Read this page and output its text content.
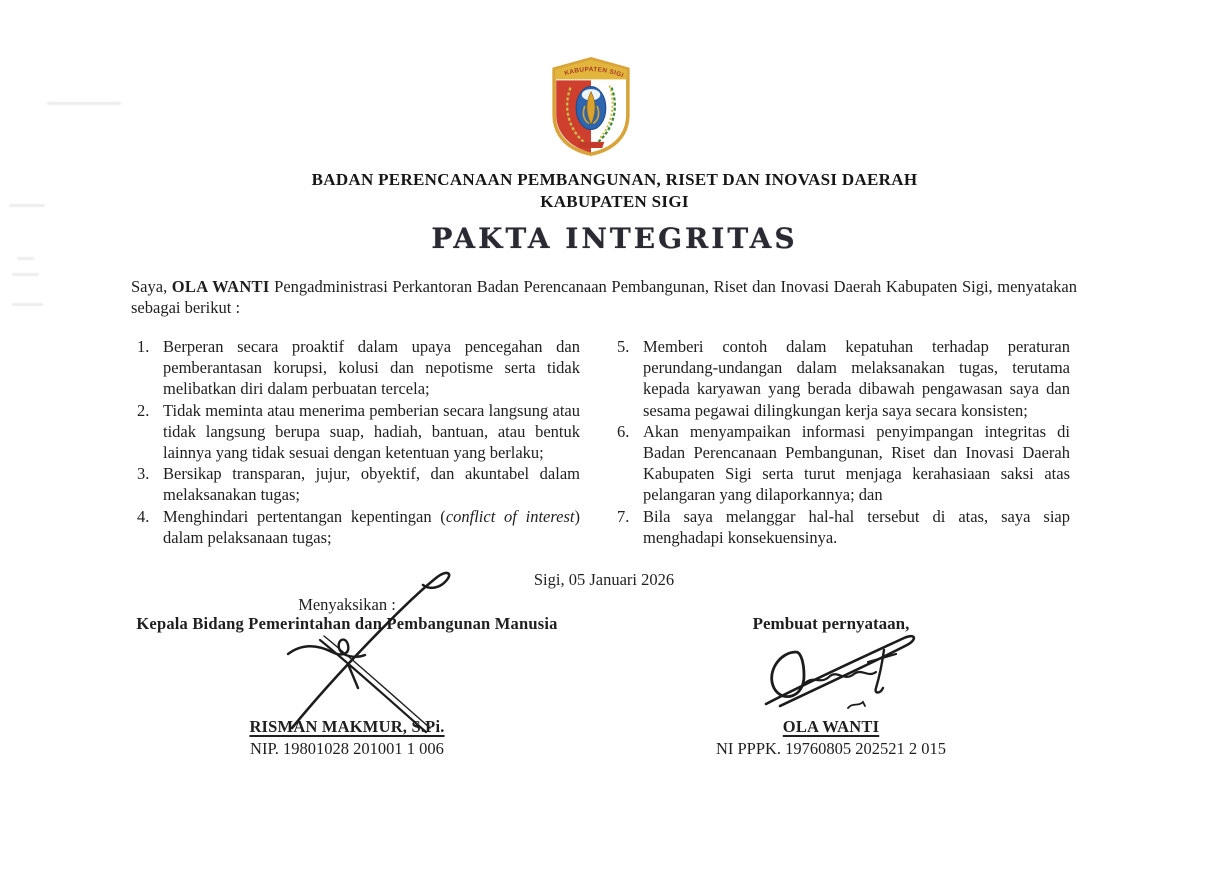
KABUPATEN SIGI
BADAN PERENCANAAN PEMBANGUNAN, RISET DAN INOVASI DAERAH
KABUPATEN SIGI
PAKTA INTEGRITAS
Saya, OLA WANTI Pengadministrasi Perkantoran Badan Perencanaan Pembangunan, Riset dan Inovasi Daerah Kabupaten Sigi, menyatakan sebagai berikut :
1. Berperan secara proaktif dalam upaya pencegahan dan pemberantasan korupsi, kolusi dan nepotisme serta tidak melibatkan diri dalam perbuatan tercela;
2. Tidak meminta atau menerima pemberian secara langsung atau tidak langsung berupa suap, hadiah, bantuan, atau bentuk lainnya yang tidak sesuai dengan ketentuan yang berlaku;
3. Bersikap transparan, jujur, obyektif, dan akuntabel dalam melaksanakan tugas;
4. Menghindari pertentangan kepentingan (conflict of interest) dalam pelaksanaan tugas;
5. Memberi contoh dalam kepatuhan terhadap peraturan perundang-undangan dalam melaksanakan tugas, terutama kepada karyawan yang berada dibawah pengawasan saya dan sesama pegawai dilingkungan kerja saya secara konsisten;
6. Akan menyampaikan informasi penyimpangan integritas di Badan Perencanaan Pembangunan, Riset dan Inovasi Daerah Kabupaten Sigi serta turut menjaga kerahasiaan saksi atas pelangaran yang dilaporkannya; dan
7. Bila saya melanggar hal-hal tersebut di atas, saya siap menghadapi konsekuensinya.
Sigi, 05 Januari 2026
Menyaksikan :
Kepala Bidang Pemerintahan dan Pembangunan Manusia	Pembuat pernyataan,
RISMAN MAKMUR, S.Pi.
NIP. 19801028 201001 1 006
OLA WANTI
NI PPPK. 19760805 202521 2 015
